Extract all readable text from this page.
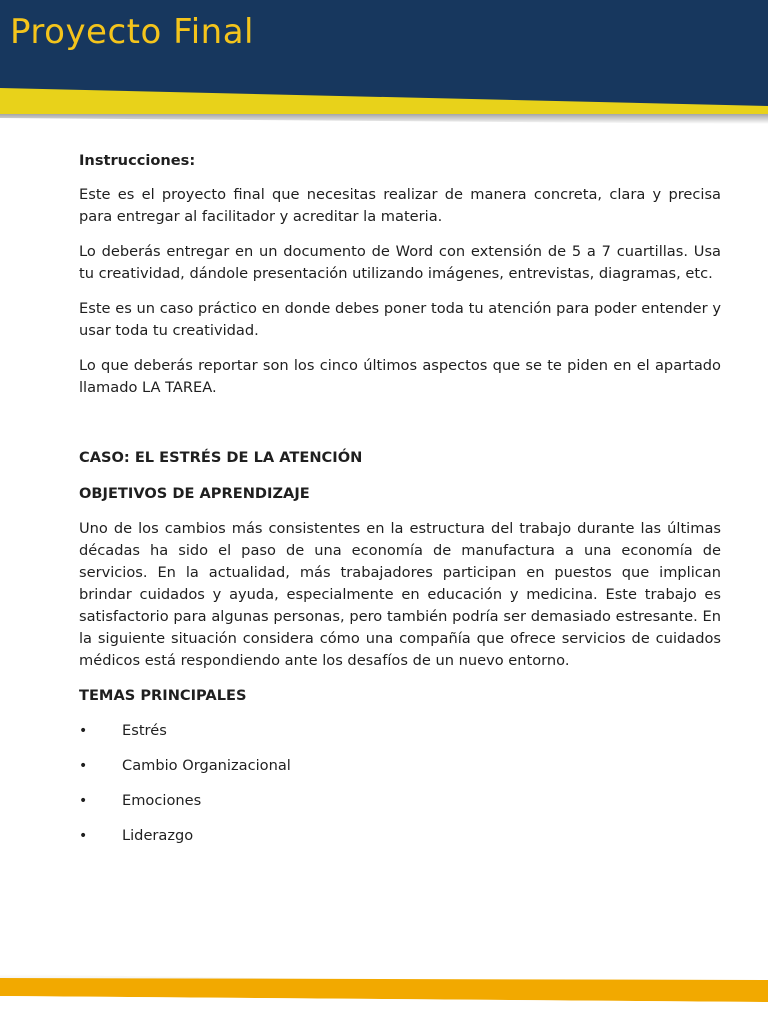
Proyecto Final

Instrucciones:

Este es el proyecto final que necesitas realizar de manera concreta, clara y precisa para entregar al facilitador y acreditar la materia.

Lo deberás entregar en un documento de Word con extensión de 5 a 7 cuartillas. Usa tu creatividad, dándole presentación utilizando imágenes, entrevistas, diagramas, etc.

Este es un caso práctico en donde debes poner toda tu atención para poder entender y usar toda tu creatividad.

Lo que deberás reportar son los cinco últimos aspectos que se te piden en el apartado llamado LA TAREA.

CASO: EL ESTRÉS DE LA ATENCIÓN

OBJETIVOS DE APRENDIZAJE

Uno de los cambios más consistentes en la estructura del trabajo durante las últimas décadas ha sido el paso de una economía de manufactura a una economía de servicios. En la actualidad, más trabajadores participan en puestos que implican brindar cuidados y ayuda, especialmente en educación y medicina. Este trabajo es satisfactorio para algunas personas, pero también podría ser demasiado estresante. En la siguiente situación considera cómo una compañía que ofrece servicios de cuidados médicos está respondiendo ante los desafíos de un nuevo entorno.

TEMAS PRINCIPALES

• Estrés
• Cambio Organizacional
• Emociones
• Liderazgo
